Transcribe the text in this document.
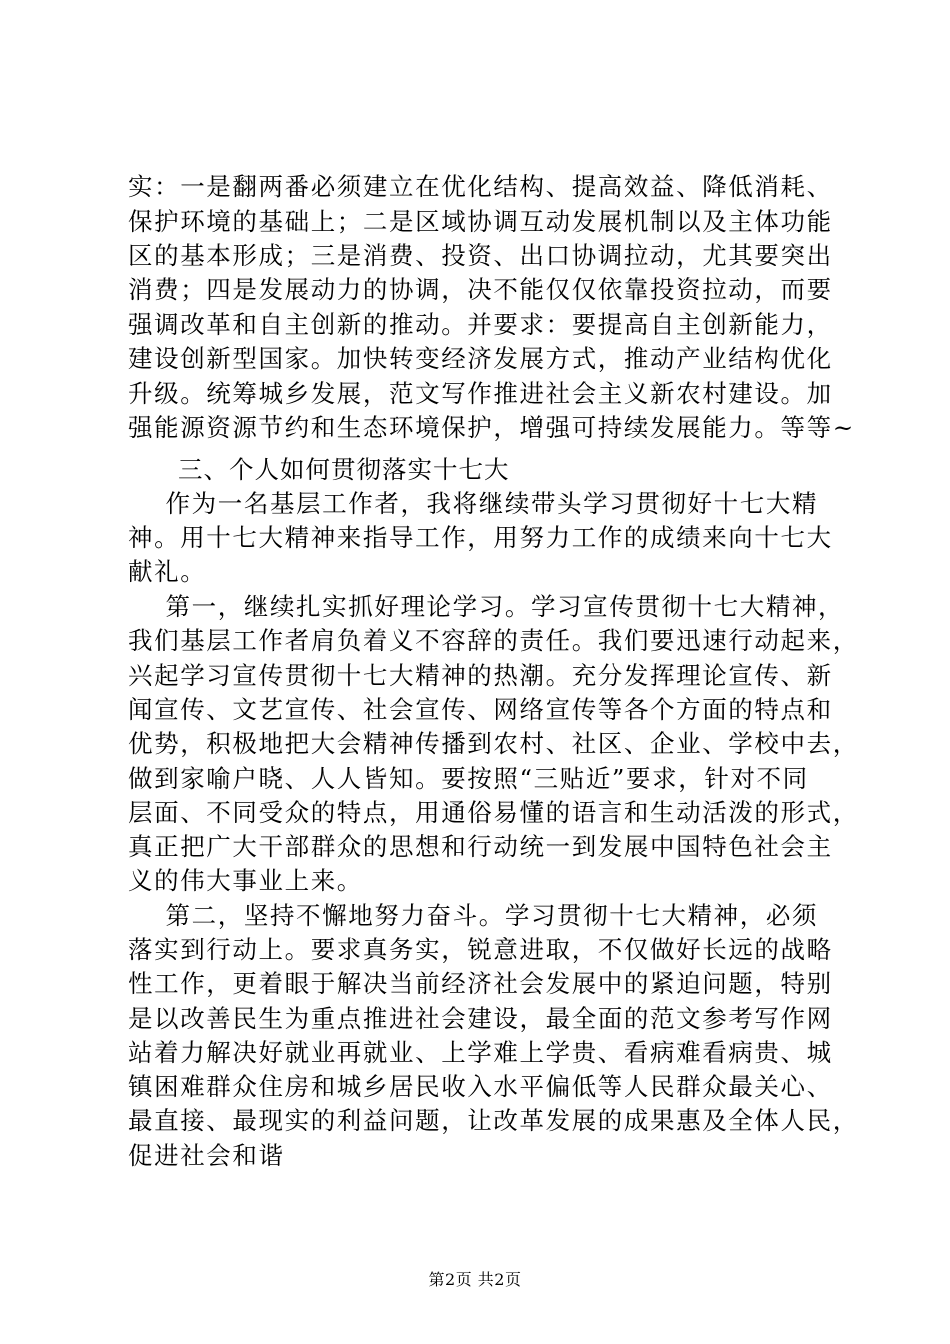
实：一是翻两番必须建立在优化结构、提高效益、降低消耗、
保护环境的基础上；二是区域协调互动发展机制以及主体功能
区的基本形成；三是消费、投资、出口协调拉动，尤其要突出
消费；四是发展动力的协调，决不能仅仅依靠投资拉动，而要
强调改革和自主创新的推动。并要求：要提高自主创新能力，
建设创新型国家。加快转变经济发展方式，推动产业结构优化
升级。统筹城乡发展，范文写作推进社会主义新农村建设。加
强能源资源节约和生态环境保护，增强可持续发展能力。等等~
三、个人如何贯彻落实十七大
作为一名基层工作者，我将继续带头学习贯彻好十七大精
神。用十七大精神来指导工作，用努力工作的成绩来向十七大
献礼。
第一，继续扎实抓好理论学习。学习宣传贯彻十七大精神，
我们基层工作者肩负着义不容辞的责任。我们要迅速行动起来，
兴起学习宣传贯彻十七大精神的热潮。充分发挥理论宣传、新
闻宣传、文艺宣传、社会宣传、网络宣传等各个方面的特点和
优势，积极地把大会精神传播到农村、社区、企业、学校中去，
做到家喻户晓、人人皆知。要按照“三贴近”要求，针对不同
层面、不同受众的特点，用通俗易懂的语言和生动活泼的形式，
真正把广大干部群众的思想和行动统一到发展中国特色社会主
义的伟大事业上来。
第二，坚持不懈地努力奋斗。学习贯彻十七大精神，必须
落实到行动上。要求真务实，锐意进取，不仅做好长远的战略
性工作，更着眼于解决当前经济社会发展中的紧迫问题，特别
是以改善民生为重点推进社会建设，最全面的范文参考写作网
站着力解决好就业再就业、上学难上学贵、看病难看病贵、城
镇困难群众住房和城乡居民收入水平偏低等人民群众最关心、
最直接、最现实的利益问题，让改革发展的成果惠及全体人民，
促进社会和谐
第2页 共2页
